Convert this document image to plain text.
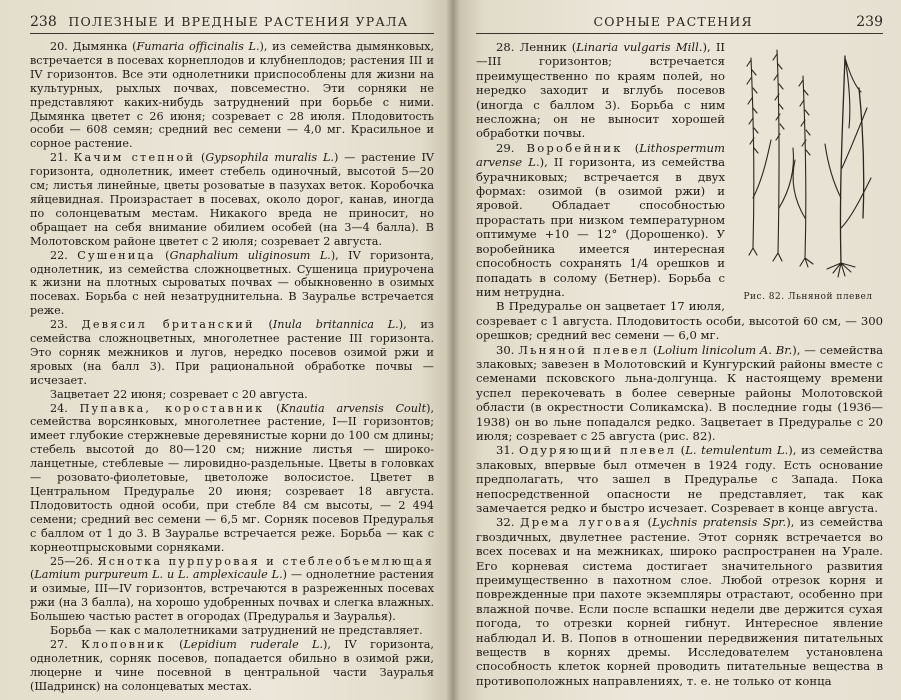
238 ПОЛЕЗНЫЕ И ВРЕДНЫЕ РАСТЕНИЯ УРАЛА

20. Дымянка (Fumaria officinalis L.), из семейства дымянковых, встречается в посевах корнеплодов и клубнеплодов; растения III и IV горизонтов. Все эти однолетники приспособлены для жизни на культурных, рыхлых почвах, повсеместно. Эти сорняки не представляют каких-нибудь затруднений при борьбе с ними. Дымянка цветет с 26 июня; созревает с 28 июля. Плодовитость особи — 608 семян; средний вес семени — 4,0 мг. Красильное и сорное растение.

21. Качим степной (Gypsophila muralis L.) — растение IV горизонта, однолетник, имеет стебель одиночный, высотой 5—20 см; листья линейные, цветы розоватые в пазухах веток. Коробочка яйцевидная. Произрастает в посевах, около дорог, канав, иногда по солонцеватым местам. Никакого вреда не приносит, но обращает на себя внимание обилием особей (на 3—4 балла). В Молотовском районе цветет с 2 июля; созревает 2 августа.

22. Сушеница (Gnaphalium uliginosum L.), IV горизонта, однолетник, из семейства сложноцветных. Сушеница приурочена к жизни на плотных сыроватых почвах — обыкновенно в озимых посевах. Борьба с ней незатруднительна. В Зауралье встречается реже.

23. Девясил британский (Inula britannica L.), из семейства сложноцветных, многолетнее растение III горизонта. Это сорняк межников и лугов, нередко посевов озимой ржи и яровых (на балл 3). При рациональной обработке почвы — исчезает.

Зацветает 22 июня; созревает с 20 августа.

24. Пупавка, короставник (Knautia arvensis Coult), семейства ворсянковых, многолетнее растение, I—II горизонтов; имеет глубокие стержневые деревянистые корни до 100 см длины; стебель высотой до 80—120 см; нижние листья — широко-ланцетные, стеблевые — лировидно-раздельные. Цветы в головках — розовато-фиолетовые, цветоложе волосистое. Цветет в Центральном Предуралье 20 июня; созревает 18 августа. Плодовитость одной особи, при стебле 84 см высоты, — 2 494 семени; средний вес семени — 6,5 мг. Сорняк посевов Предуралья с баллом от 1 до 3. В Зауралье встречается реже. Борьба — как с корнеотпрысковыми сорняками.

25—26. Яснотка пурпуровая и стеблеобъемлющая (Lamium purpureum L. и L. amplexicaule L.) — однолетние растения и озимые, III—IV горизонтов, встречаются в разреженных посевах ржи (на 3 балла), на хорошо удобренных почвах и слегка влажных. Большею частью растет в огородах (Предуралья и Зауралья).

Борьба — как с малолетниками затруднений не представляет.

27. Клоповник (Lepidium ruderale L.), IV горизонта, однолетник, сорняк посевов, попадается обильно в озимой ржи, люцерне и чине посевной в центральной части Зауралья (Шадринск) на солонцеватых местах.

СОРНЫЕ РАСТЕНИЯ	239
Рис. 82. Льняной плевел

28. Ленник (Linaria vulgaris Mill.), II—III горизонтов; встречается преимущественно по краям полей, но нередко заходит и вглубь посевов (иногда с баллом 3). Борьба с ним несложна; он не выносит хорошей обработки почвы.

29. Воробейник (Lithospermum arvense L.), II горизонта, из семейства бурачниковых; встречается в двух формах: озимой (в озимой ржи) и яровой. Обладает способностью прорастать при низком температурном оптимуме +10 — 12° (Дорошенко). У воробейника имеется интересная способность сохранять 1/4 орешков и попадать в солому (Бетнер). Борьба с ним нетрудна.

В Предуралье он зацветает 17 июля, созревает с 1 августа. Плодовитость особи, высотой 60 см, — 300 орешков; средний вес семени — 6,0 мг.

30. Льняной плевел (Lolium linicolum A. Br.), — семейства злаковых; завезен в Молотовский и Кунгурский районы вместе с семенами псковского льна-долгунца. К настоящему времени успел перекочевать в более северные районы Молотовской области (в окрестности Соликамска). В последние годы (1936—1938) он во льне попадался редко. Зацветает в Предуралье с 20 июля; созревает с 25 августа (рис. 82).

31. Одуряющий плевел (L. temulentum L.), из семейства злаковых, впервые был отмечен в 1924 году. Есть основание предполагать, что зашел в Предуралье с Запада. Пока непосредственной опасности не представляет, так как замечается редко и быстро исчезает. Созревает в конце августа.

32. Дрема луговая (Lychnis pratensis Spr.), из семейства гвоздичных, двулетнее растение. Этот сорняк встречается во всех посевах и на межниках, широко распространен на Урале. Его корневая система достигает значительного развития преимущественно в пахотном слое. Любой отрезок корня и поврежденные при пахоте экземпляры отрастают, особенно при влажной почве. Если после вспашки недели две держится сухая погода, то отрезки корней гибнут. Интересное явление наблюдал И. В. Попов в отношении передвижения питательных веществ в корнях дремы. Исследователем установлена способность клеток корней проводить питательные вещества в противоположных направлениях, т. е. не только от конца
